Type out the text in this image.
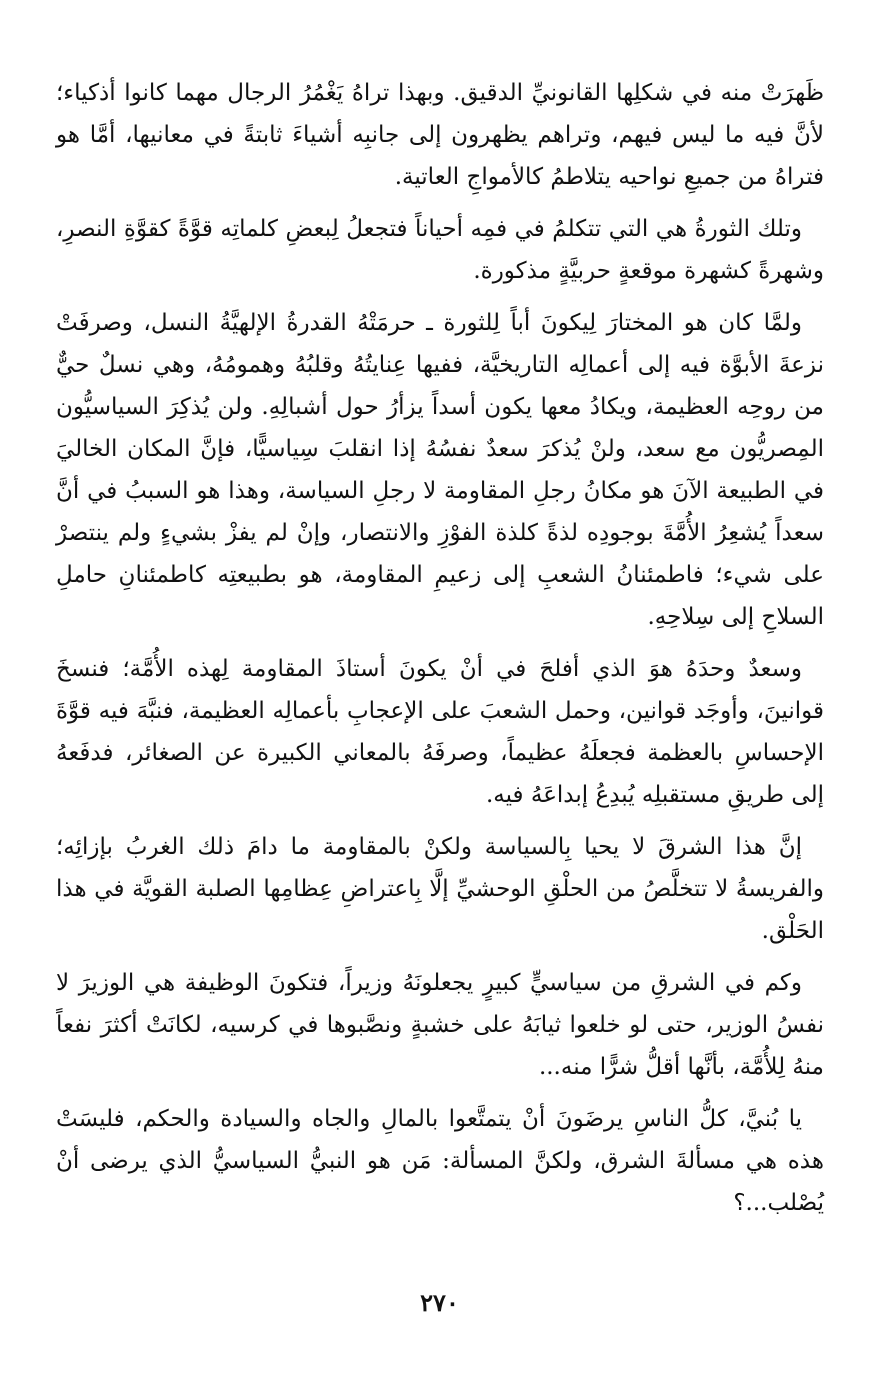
ظَهرَتْ منه في شكلِها القانونيِّ الدقيق. وبهذا تراهُ يَغْمُرُ الرجال مهما كانوا أذكياء؛ لأنَّ فيه ما ليس فيهم، وتراهم يظهرون إلى جانبِه أشياءَ ثابتةً في معانيها، أمَّا هو فتراهُ من جميعِ نواحيه يتلاطمُ كالأمواجِ العاتية.

وتلك الثورةُ هي التي تتكلمُ في فمِه أحياناً فتجعلُ لِبعضِ كلماتِه قوَّةً كقوَّةِ النصرِ، وشهرةً كشهرة موقعةٍ حربيَّةٍ مذكورة.

ولمَّا كان هو المختارَ لِيكونَ أباً لِلثورة ـ حرمَتْهُ القدرةُ الإلهيَّةُ النسل، وصرفَتْ نزعةَ الأبوَّة فيه إلى أعمالِه التاريخيَّة، ففيها عِنايتُهُ وقلبُهُ وهمومُهُ، وهي نسلٌ حيٌّ من روحِه العظيمة، ويكادُ معها يكون أسداً يزأرُ حول أشبالِهِ. ولن يُذكِرَ السياسيُّون المِصريُّون مع سعد، ولنْ يُذكرَ سعدٌ نفسُهُ إذا انقلبَ سِياسيًّا، فإنَّ المكان الخاليَ في الطبيعة الآنَ هو مكانُ رجلِ المقاومة لا رجلِ السياسة، وهذا هو السببُ في أنَّ سعداً يُشعِرُ الأُمَّةَ بوجودِه لذةً كلذة الفوْزِ والانتصار، وإنْ لم يفزْ بشيءٍ ولم ينتصرْ على شيء؛ فاطمئنانُ الشعبِ إلى زعيمِ المقاومة، هو بطبيعتِه كاطمئنانِ حاملِ السلاحِ إلى سِلاحِهِ.

وسعدٌ وحدَهُ هوَ الذي أفلحَ في أنْ يكونَ أستاذَ المقاومة لِهذه الأُمَّة؛ فنسخَ قوانينَ، وأوجَد قوانين، وحمل الشعبَ على الإعجابِ بأعمالِه العظيمة، فنبَّهَ فيه قوَّةَ الإحساسِ بالعظمة فجعلَهُ عظيماً، وصرفَهُ بالمعاني الكبيرة عن الصغائر، فدفَعهُ إلى طريقِ مستقبلِه يُبدِعُ إبداعَهُ فيه.

إنَّ هذا الشرقَ لا يحيا بِالسياسة ولكنْ بالمقاومة ما دامَ ذلك الغربُ بإزائِه؛ والفريسةُ لا تتخلَّصُ من الحلْقِ الوحشيِّ إلَّا بِاعتراضِ عِظامِها الصلبة القويَّة في هذا الحَلْق.

وكم في الشرقِ من سياسيٍّ كبيرٍ يجعلونَهُ وزيراً، فتكونَ الوظيفة هي الوزيرَ لا نفسُ الوزير، حتى لو خلعوا ثيابَهُ على خشبةٍ ونصَّبوها في كرسيه، لكانَتْ أكثرَ نفعاً منهُ لِلأُمَّة، بأنَّها أقلُّ شرًّا منه...

يا بُنيَّ، كلُّ الناسِ يرضَونَ أنْ يتمتَّعوا بالمالِ والجاه والسيادة والحكم، فليسَتْ هذه هي مسألةَ الشرق، ولكنَّ المسألة: مَن هو النبيُّ السياسيُّ الذي يرضى أنْ يُصْلب...؟

٢٧٠
